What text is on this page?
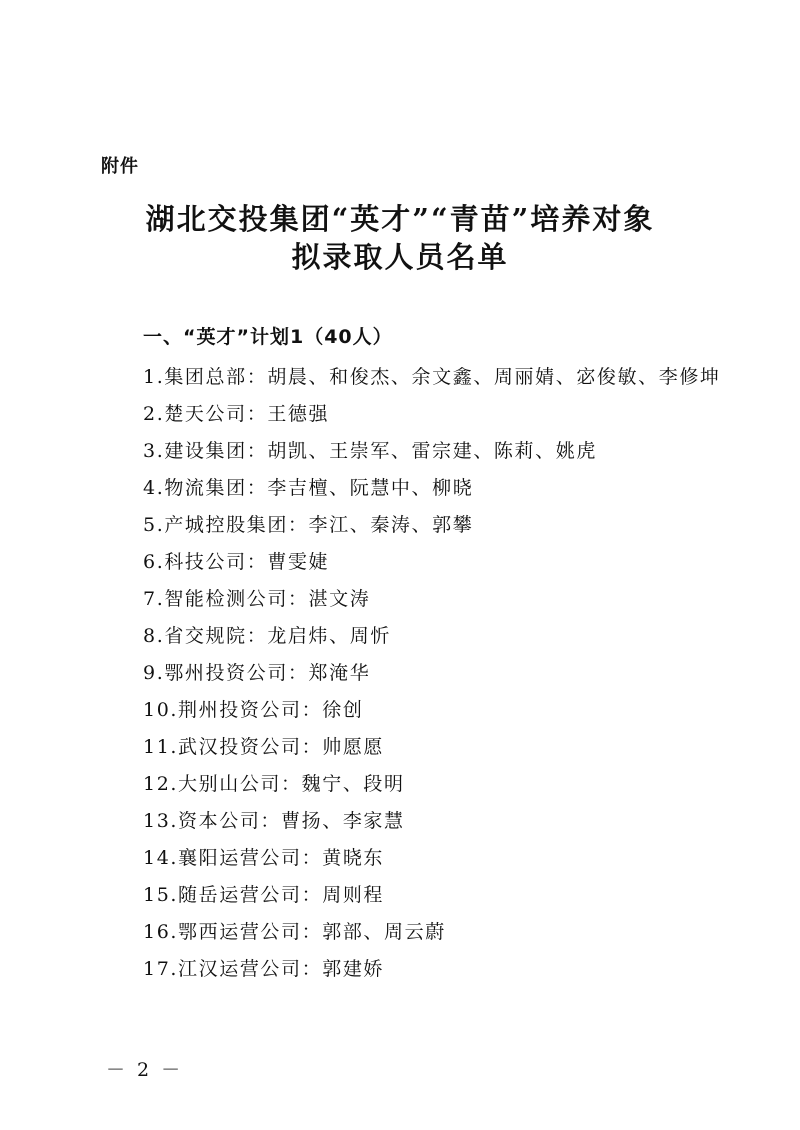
附件
湖北交投集团“英才”“青苗”培养对象
拟录取人员名单
一、“英才”计划1（40人）
1.集团总部：胡晨、和俊杰、余文鑫、周丽婧、宓俊敏、李修坤
2.楚天公司：王德强
3.建设集团：胡凯、王崇军、雷宗建、陈莉、姚虎
4.物流集团：李吉檀、阮慧中、柳晓
5.产城控股集团：李江、秦涛、郭攀
6.科技公司：曹雯婕
7.智能检测公司：湛文涛
8.省交规院：龙启炜、周忻
9.鄂州投资公司：郑淹华
10.荆州投资公司：徐创
11.武汉投资公司：帅愿愿
12.大别山公司：魏宁、段明
13.资本公司：曹扬、李家慧
14.襄阳运营公司：黄晓东
15.随岳运营公司：周则程
16.鄂西运营公司：郭部、周云蔚
17.江汉运营公司：郭建娇
－ 2 －
